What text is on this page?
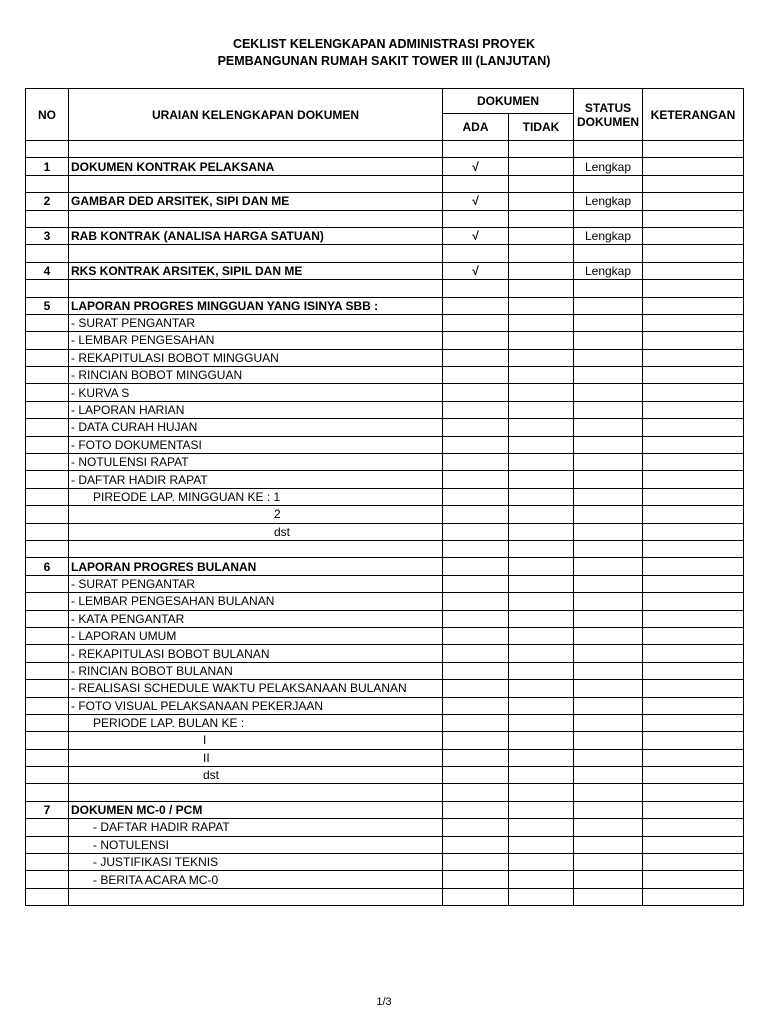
CEKLIST KELENGKAPAN ADMINISTRASI PROYEK
PEMBANGUNAN RUMAH SAKIT TOWER III (LANJUTAN)
NO	URAIAN KELENGKAPAN DOKUMEN	DOKUMEN		STATUS DOKUMEN	KETERANGAN
		ADA	TIDAK		

1	DOKUMEN KONTRAK PELAKSANA	√		Lengkap	

2	GAMBAR DED ARSITEK, SIPI DAN ME	√		Lengkap	

3	RAB KONTRAK (ANALISA HARGA SATUAN)	√		Lengkap	

4	RKS KONTRAK ARSITEK, SIPIL DAN ME	√		Lengkap	

5	LAPORAN PROGRES MINGGUAN YANG ISINYA SBB :				
	- SURAT PENGANTAR				
	- LEMBAR PENGESAHAN				
	- REKAPITULASI BOBOT MINGGUAN				
	- RINCIAN BOBOT MINGGUAN				
	- KURVA S				
	- LAPORAN HARIAN				
	- DATA CURAH HUJAN				
	- FOTO DOKUMENTASI				
	- NOTULENSI RAPAT				
	- DAFTAR HADIR RAPAT				
	PIREODE LAP. MINGGUAN KE : 1				
	2				
	dst				

6	LAPORAN PROGRES BULANAN				
	- SURAT PENGANTAR				
	- LEMBAR PENGESAHAN BULANAN				
	- KATA PENGANTAR				
	- LAPORAN UMUM				
	- REKAPITULASI BOBOT BULANAN				
	- RINCIAN BOBOT BULANAN				
	- REALISASI SCHEDULE WAKTU PELAKSANAAN BULANAN				
	- FOTO VISUAL PELAKSANAAN PEKERJAAN				
	PERIODE LAP. BULAN KE :				
	I				
	II				
	dst				

7	DOKUMEN MC-0 / PCM				
	- DAFTAR HADIR RAPAT				
	- NOTULENSI				
	- JUSTIFIKASI TEKNIS				
	- BERITA ACARA MC-0				

1/3
